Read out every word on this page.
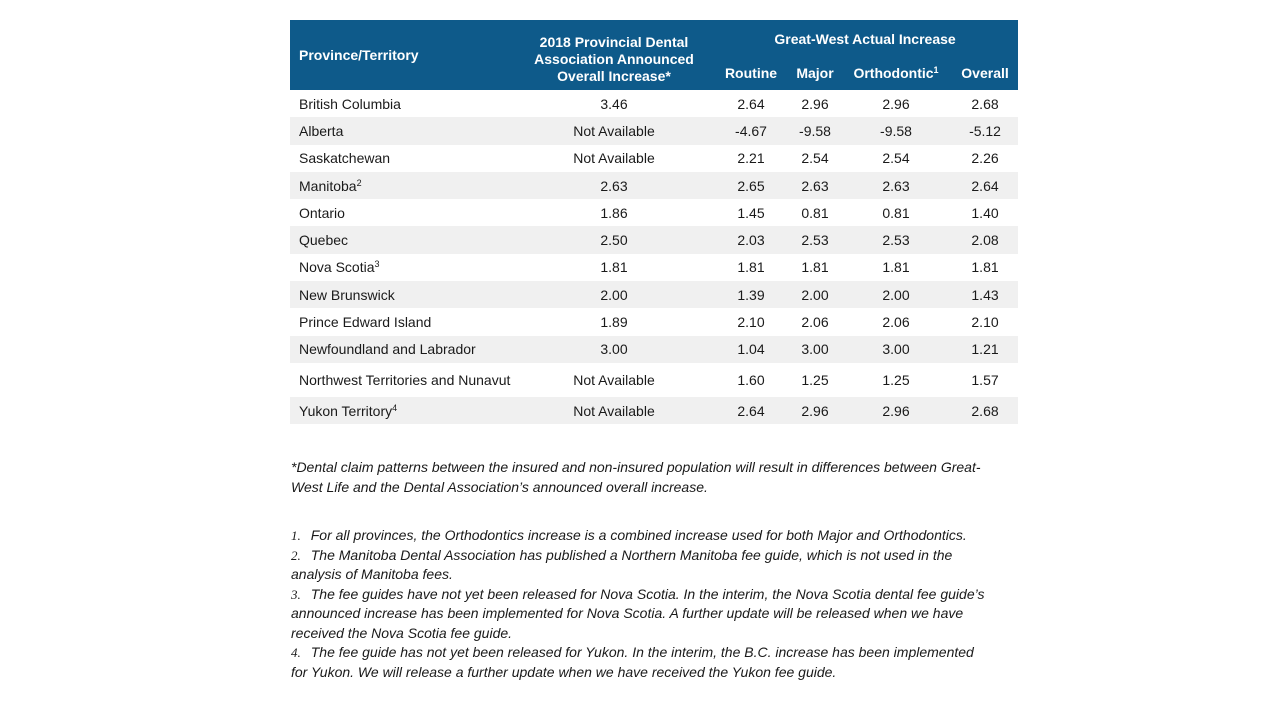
Province/Territory	2018 Provincial Dental Association Announced Overall Increase*	Great-West Actual Increase			
		Routine	Major	Orthodontic$^1$	Overall
British Columbia	3.46	2.64	2.96	2.96	2.68
Alberta	Not Available	-4.67	-9.58	-9.58	-5.12
Saskatchewan	Not Available	2.21	2.54	2.54	2.26
Manitoba$^2$	2.63	2.65	2.63	2.63	2.64
Ontario	1.86	1.45	0.81	0.81	1.40
Quebec	2.50	2.03	2.53	2.53	2.08
Nova Scotia$^3$	1.81	1.81	1.81	1.81	1.81
New Brunswick	2.00	1.39	2.00	2.00	1.43
Prince Edward Island	1.89	2.10	2.06	2.06	2.10
Newfoundland and Labrador	3.00	1.04	3.00	3.00	1.21
Northwest Territories and Nunavut	Not Available	1.60	1.25	1.25	1.57
Yukon Territory$^4$	Not Available	2.64	2.96	2.96	2.68
*Dental claim patterns between the insured and non-insured population will result in differences between Great-West Life and the Dental Association’s announced overall increase.
1. For all provinces, the Orthodontics increase is a combined increase used for both Major and Orthodontics.
2. The Manitoba Dental Association has published a Northern Manitoba fee guide, which is not used in the analysis of Manitoba fees.
3. The fee guides have not yet been released for Nova Scotia. In the interim, the Nova Scotia dental fee guide’s announced increase has been implemented for Nova Scotia. A further update will be released when we have received the Nova Scotia fee guide.
4. The fee guide has not yet been released for Yukon. In the interim, the B.C. increase has been implemented for Yukon. We will release a further update when we have received the Yukon fee guide.
